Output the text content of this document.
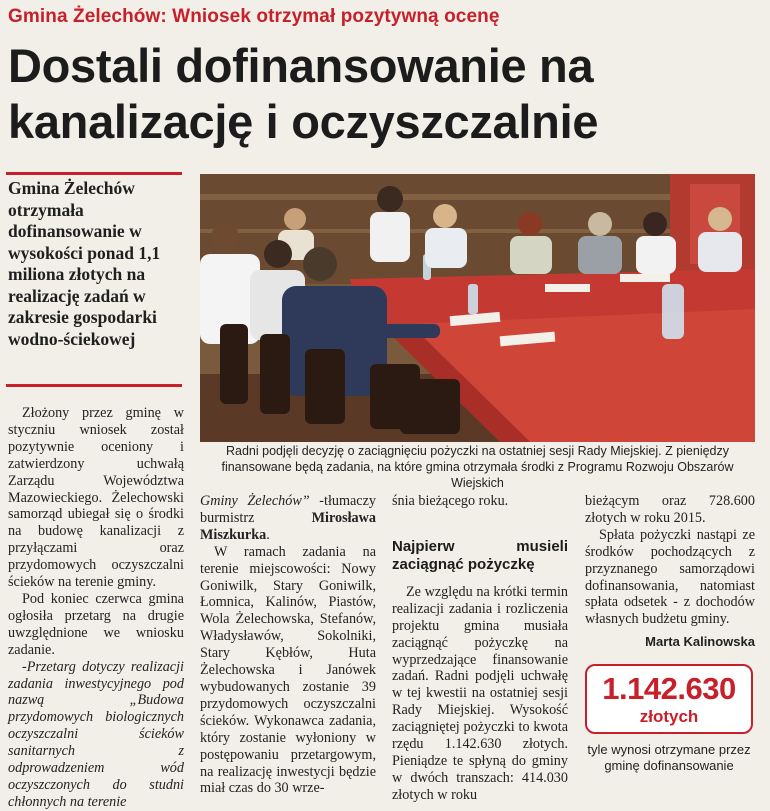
Gmina Żelechów: Wniosek otrzymał pozytywną ocenę
Dostali dofinansowanie na
kanalizację i oczyszczalnie
Gmina Żelechów otrzymała dofinansowanie w wysokości ponad 1,1 miliona złotych na realizację zadań w zakresie gospodarki wodno-ściekowej
Radni podjęli decyzję o zaciągnięciu pożyczki na ostatniej sesji Rady Miejskiej. Z pieniędzy finansowane będą zadania, na które gmina otrzymała środki z Programu Rozwoju Obszarów Wiejskich

Złożony przez gminę w styczniu wniosek został pozytywnie oceniony i zatwierdzony uchwałą Zarządu Województwa Mazowieckiego. Żelechowski samorząd ubiegał się o środki na budowę kanalizacji z przyłączami oraz przydomowych oczyszczalni ścieków na terenie gminy.

Pod koniec czerwca gmina ogłosiła przetarg na drugie uwzględnione we wniosku zadanie.

-Przetarg dotyczy realizacji zadania inwestycyjnego pod nazwą „Budowa przydomowych biologicznych oczyszczalni ścieków sanitarnych z odprowadzeniem wód oczyszczonych do studni chłonnych na terenie

Gminy Żelechów” -tłumaczy burmistrz Mirosława Miszkurka.

W ramach zadania na terenie miejscowości: Nowy Goniwilk, Stary Goniwilk, Łomnica, Kalinów, Piastów, Wola Żelechowska, Stefanów, Władysławów, Sokolniki, Stary Kębłów, Huta Żelechowska i Janówek wybudowanych zostanie 39 przydomowych oczyszczalni ścieków. Wykonawca zadania, który zostanie wyłoniony w postępowaniu przetargowym, na realizację inwestycji będzie miał czas do 30 wrze-

śnia bieżącego roku.

Najpierw musieli zaciągnąć pożyczkę

Ze względu na krótki termin realizacji zadania i rozliczenia projektu gmina musiała zaciągnąć pożyczkę na wyprzedzające finansowanie zadań. Radni podjęli uchwałę w tej kwestii na ostatniej sesji Rady Miejskiej. Wysokość zaciągniętej pożyczki to kwota rzędu 1.142.630 złotych. Pieniądze te spłyną do gminy w dwóch transzach: 414.030 złotych w roku

bieżącym oraz 728.600 złotych w roku 2015.

Spłata pożyczki nastąpi ze środków pochodzących z przyznanego samorządowi dofinansowania, natomiast spłata odsetek - z dochodów własnych budżetu gminy.

Marta Kalinowska
1.142.630
złotych
tyle wynosi otrzymane przez gminę dofinansowanie
